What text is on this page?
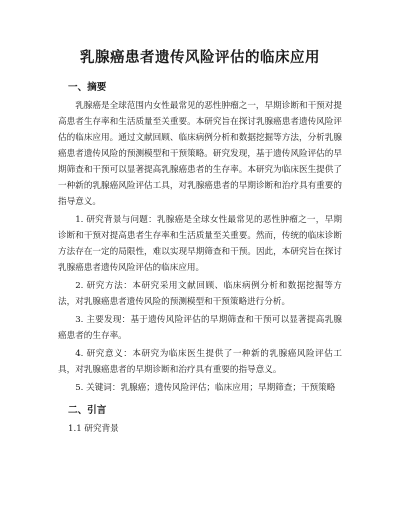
乳腺癌患者遗传风险评估的临床应用
一、摘要

乳腺癌是全球范围内女性最常见的恶性肿瘤之一，早期诊断和干预对提高患者生存率和生活质量至关重要。本研究旨在探讨乳腺癌患者遗传风险评估的临床应用。通过文献回顾、临床病例分析和数据挖掘等方法，分析乳腺癌患者遗传风险的预测模型和干预策略。研究发现，基于遗传风险评估的早期筛查和干预可以显著提高乳腺癌患者的生存率。本研究为临床医生提供了一种新的乳腺癌风险评估工具，对乳腺癌患者的早期诊断和治疗具有重要的指导意义。

1. 研究背景与问题：乳腺癌是全球女性最常见的恶性肿瘤之一，早期诊断和干预对提高患者生存率和生活质量至关重要。然而，传统的临床诊断方法存在一定的局限性，难以实现早期筛查和干预。因此，本研究旨在探讨乳腺癌患者遗传风险评估的临床应用。

2. 研究方法：本研究采用文献回顾、临床病例分析和数据挖掘等方法，对乳腺癌患者遗传风险的预测模型和干预策略进行分析。

3. 主要发现：基于遗传风险评估的早期筛查和干预可以显著提高乳腺癌患者的生存率。

4. 研究意义：本研究为临床医生提供了一种新的乳腺癌风险评估工具，对乳腺癌患者的早期诊断和治疗具有重要的指导意义。

5. 关键词：乳腺癌；遗传风险评估；临床应用；早期筛查；干预策略

二、引言
1.1 研究背景
